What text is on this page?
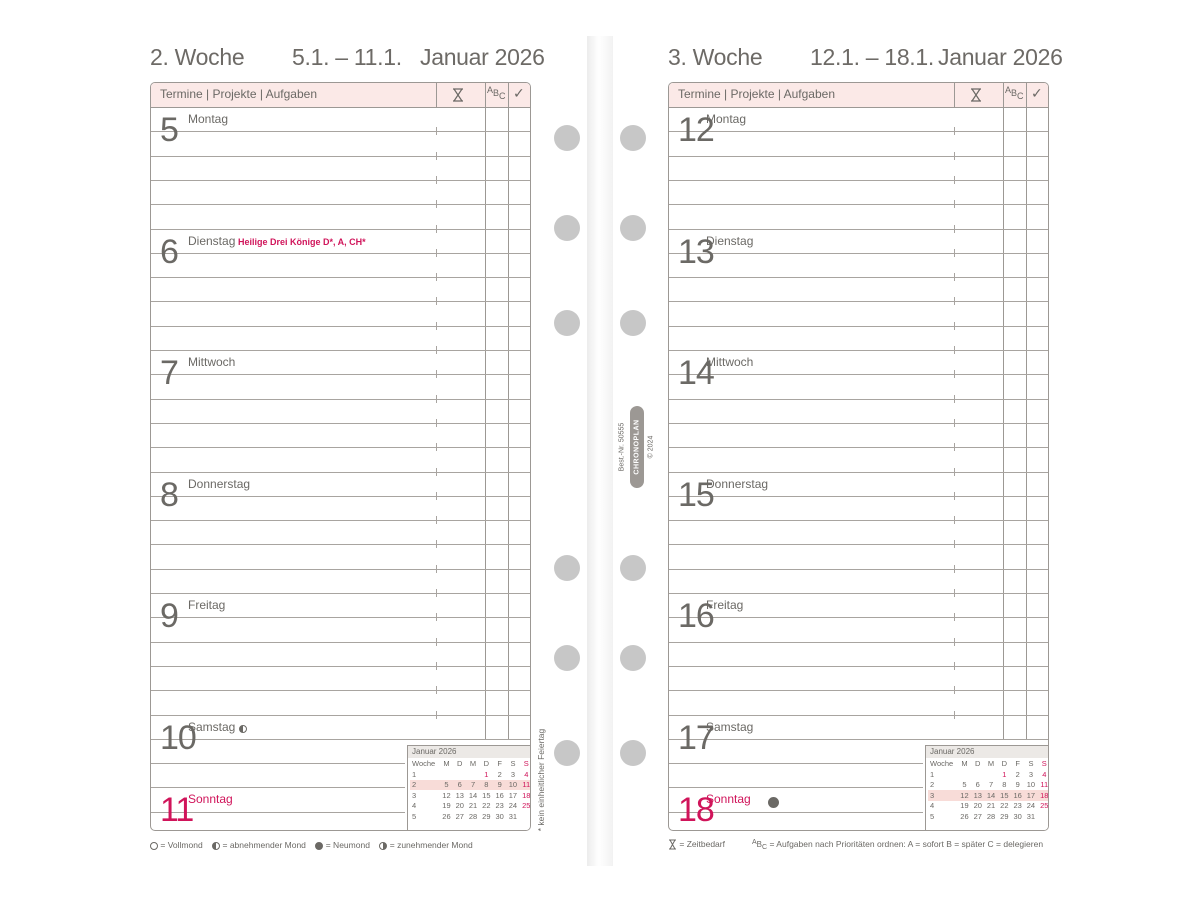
2. Woche 5.1. – 11.1. Januar 2026	3. Woche 12.1. – 18.1. Januar 2026
Termine | Projekte | Aufgaben	ABC ✓
5 Montag
6 Dienstag Heilige Drei Könige D*, A, CH*
7 Mittwoch
8 Donnerstag
9 Freitag
10
Samstag
11
Sonntag
Januar 2026
Woche	M	D	M	D	F	S	S
1				1	2	3	4
2	5	6	7	8	9	10	11
3	12	13	14	15	16	17	18
4	19	20	21	22	23	24	25
5	26	27	28	29	30	31	
Termine | Projekte | Aufgaben	ABC ✓
12
Montag
13
Dienstag
14
Mittwoch
15
Donnerstag
16
Freitag
17
Samstag
18
Sonntag
Januar 2026
Woche	M	D	M	D	F	S	S
1				1	2	3	4
2	5	6	7	8	9	10	11
3	12	13	14	15	16	17	18
4	19	20	21	22	23	24	25
5	26	27	28	29	30	31	
CHRONOPLAN
Best.-Nr. 50555	© 2024
* kein einheitlicher Feiertag
= Vollmond = abnehmender Mond = Neumond = zunehmender Mond	= Zeitbedarf	$^AB_C$ = Aufgaben nach Prioritäten ordnen: A = sofort B = später C = delegieren
